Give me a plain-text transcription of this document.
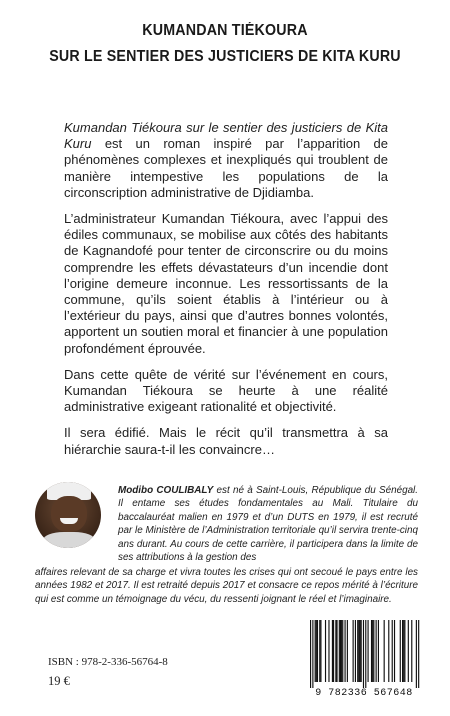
KUMANDAN TIÉKOURA
SUR LE SENTIER DES JUSTICIERS DE KITA KURU

Kumandan Tiékoura sur le sentier des justiciers de Kita Kuru est un roman inspiré par l’apparition de phénomènes complexes et inexpliqués qui troublent de manière intempestive les populations de la circonscription administrative de Djidiamba.

L’administrateur Kumandan Tiékoura, avec l’appui des édiles communaux, se mobilise aux côtés des habitants de Kagnandofé pour tenter de circonscrire ou du moins comprendre les effets dévastateurs d’un incendie dont l’origine demeure inconnue. Les ressortissants de la commune, qu’ils soient établis à l’intérieur ou à l’extérieur du pays, ainsi que d’autres bonnes volontés, apportent un soutien moral et financier à une population profondément éprouvée.

Dans cette quête de vérité sur l’événement en cours, Kumandan Tiékoura se heurte à une réalité administrative exigeant rationalité et objectivité.

Il sera édifié. Mais le récit qu’il transmettra à sa hiérarchie saura-t-il les convaincre…

Modibo COULIBALY est né à Saint-Louis, République du Sénégal. Il entame ses études fondamentales au Mali. Titulaire du baccalauréat malien en 1979 et d’un DUTS en 1979, il est recruté par le Ministère de l’Administration territoriale qu’il servira trente-cinq ans durant. Au cours de cette carrière, il participera dans la limite de ses attributions à la gestion des
affaires relevant de sa charge et vivra toutes les crises qui ont secoué le pays entre les années 1982 et 2017. Il est retraité depuis 2017 et consacre ce repos mérité à l’écriture qui est comme un témoignage du vécu, du ressenti joignant le réel et l’imaginaire.
ISBN : 978-2-336-56764-8
19 €
9 782336 567648
